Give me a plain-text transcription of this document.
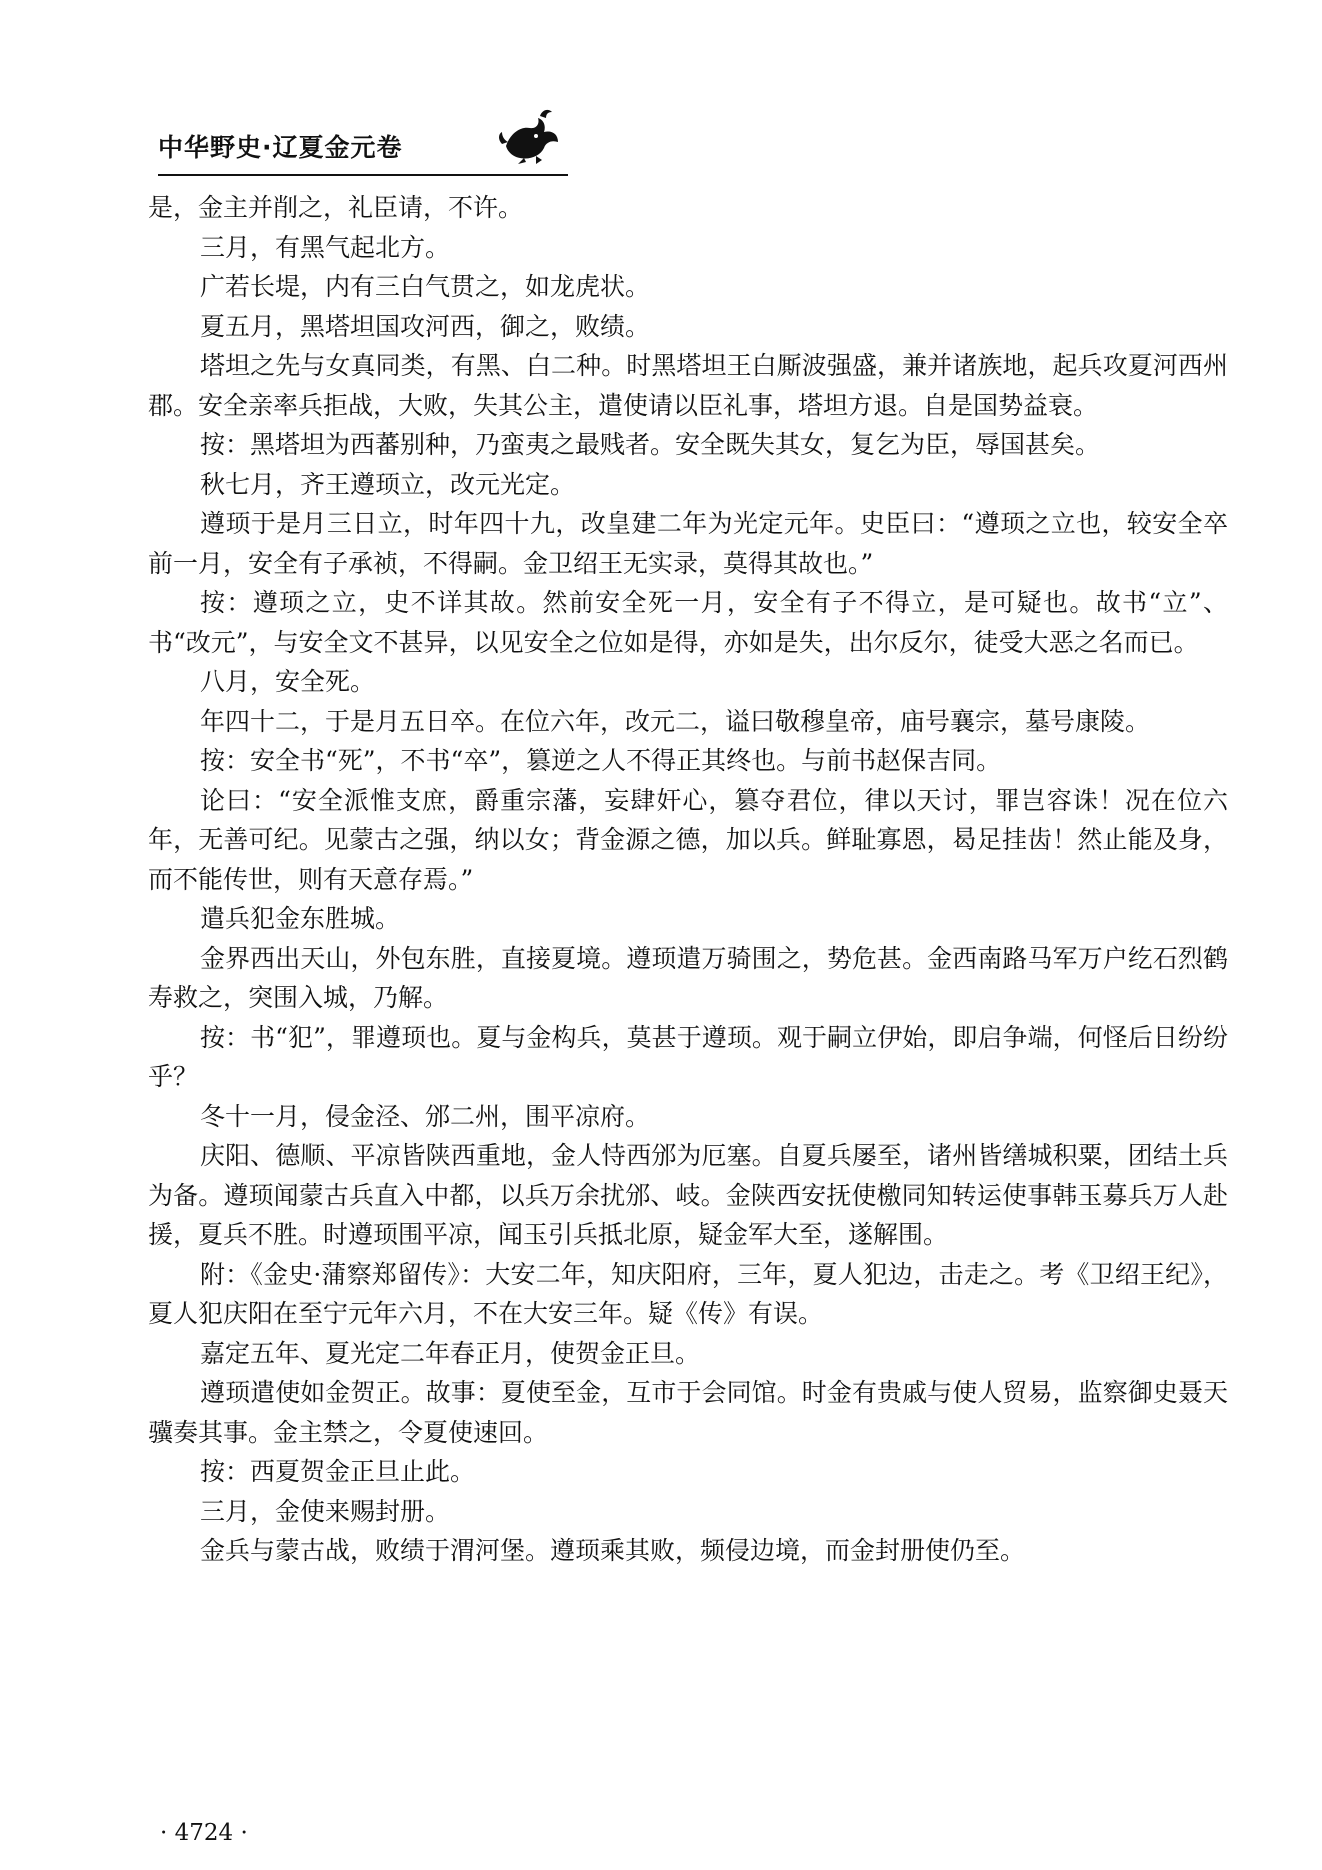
中华野史·辽夏金元卷

是，金主并削之，礼臣请，不许。

三月，有黑气起北方。

广若长堤，内有三白气贯之，如龙虎状。

夏五月，黑塔坦国攻河西，御之，败绩。

塔坦之先与女真同类，有黑、白二种。时黑塔坦王白厮波强盛，兼并诸族地，起兵攻夏河西州郡。安全亲率兵拒战，大败，失其公主，遣使请以臣礼事，塔坦方退。自是国势益衰。

按：黑塔坦为西蕃别种，乃蛮夷之最贱者。安全既失其女，复乞为臣，辱国甚矣。

秋七月，齐王遵顼立，改元光定。

遵顼于是月三日立，时年四十九，改皇建二年为光定元年。史臣曰：“遵顼之立也，较安全卒前一月，安全有子承祯，不得嗣。金卫绍王无实录，莫得其故也。”

按：遵顼之立，史不详其故。然前安全死一月，安全有子不得立，是可疑也。故书“立”、书“改元”，与安全文不甚异，以见安全之位如是得，亦如是失，出尔反尔，徒受大恶之名而已。

八月，安全死。

年四十二，于是月五日卒。在位六年，改元二，谥曰敬穆皇帝，庙号襄宗，墓号康陵。

按：安全书“死”，不书“卒”，篡逆之人不得正其终也。与前书赵保吉同。

论曰：“安全派惟支庶，爵重宗藩，妄肆奸心，篡夺君位，律以天讨，罪岂容诛！况在位六年，无善可纪。见蒙古之强，纳以女；背金源之德，加以兵。鲜耻寡恩，曷足挂齿！然止能及身，而不能传世，则有天意存焉。”

遣兵犯金东胜城。

金界西出天山，外包东胜，直接夏境。遵顼遣万骑围之，势危甚。金西南路马军万户纥石烈鹤寿救之，突围入城，乃解。

按：书“犯”，罪遵顼也。夏与金构兵，莫甚于遵顼。观于嗣立伊始，即启争端，何怪后日纷纷乎？

冬十一月，侵金泾、邠二州，围平凉府。

庆阳、德顺、平凉皆陕西重地，金人恃西邠为厄塞。自夏兵屡至，诸州皆缮城积粟，团结土兵为备。遵顼闻蒙古兵直入中都，以兵万余扰邠、岐。金陕西安抚使檄同知转运使事韩玉募兵万人赴援，夏兵不胜。时遵顼围平凉，闻玉引兵抵北原，疑金军大至，遂解围。

附：《金史·蒲察郑留传》：大安二年，知庆阳府，三年，夏人犯边，击走之。考《卫绍王纪》，夏人犯庆阳在至宁元年六月，不在大安三年。疑《传》有误。

嘉定五年、夏光定二年春正月，使贺金正旦。

遵顼遣使如金贺正。故事：夏使至金，互市于会同馆。时金有贵戚与使人贸易，监察御史聂天骥奏其事。金主禁之，令夏使速回。

按：西夏贺金正旦止此。

三月，金使来赐封册。

金兵与蒙古战，败绩于渭河堡。遵顼乘其败，频侵边境，而金封册使仍至。

· 4724 ·
